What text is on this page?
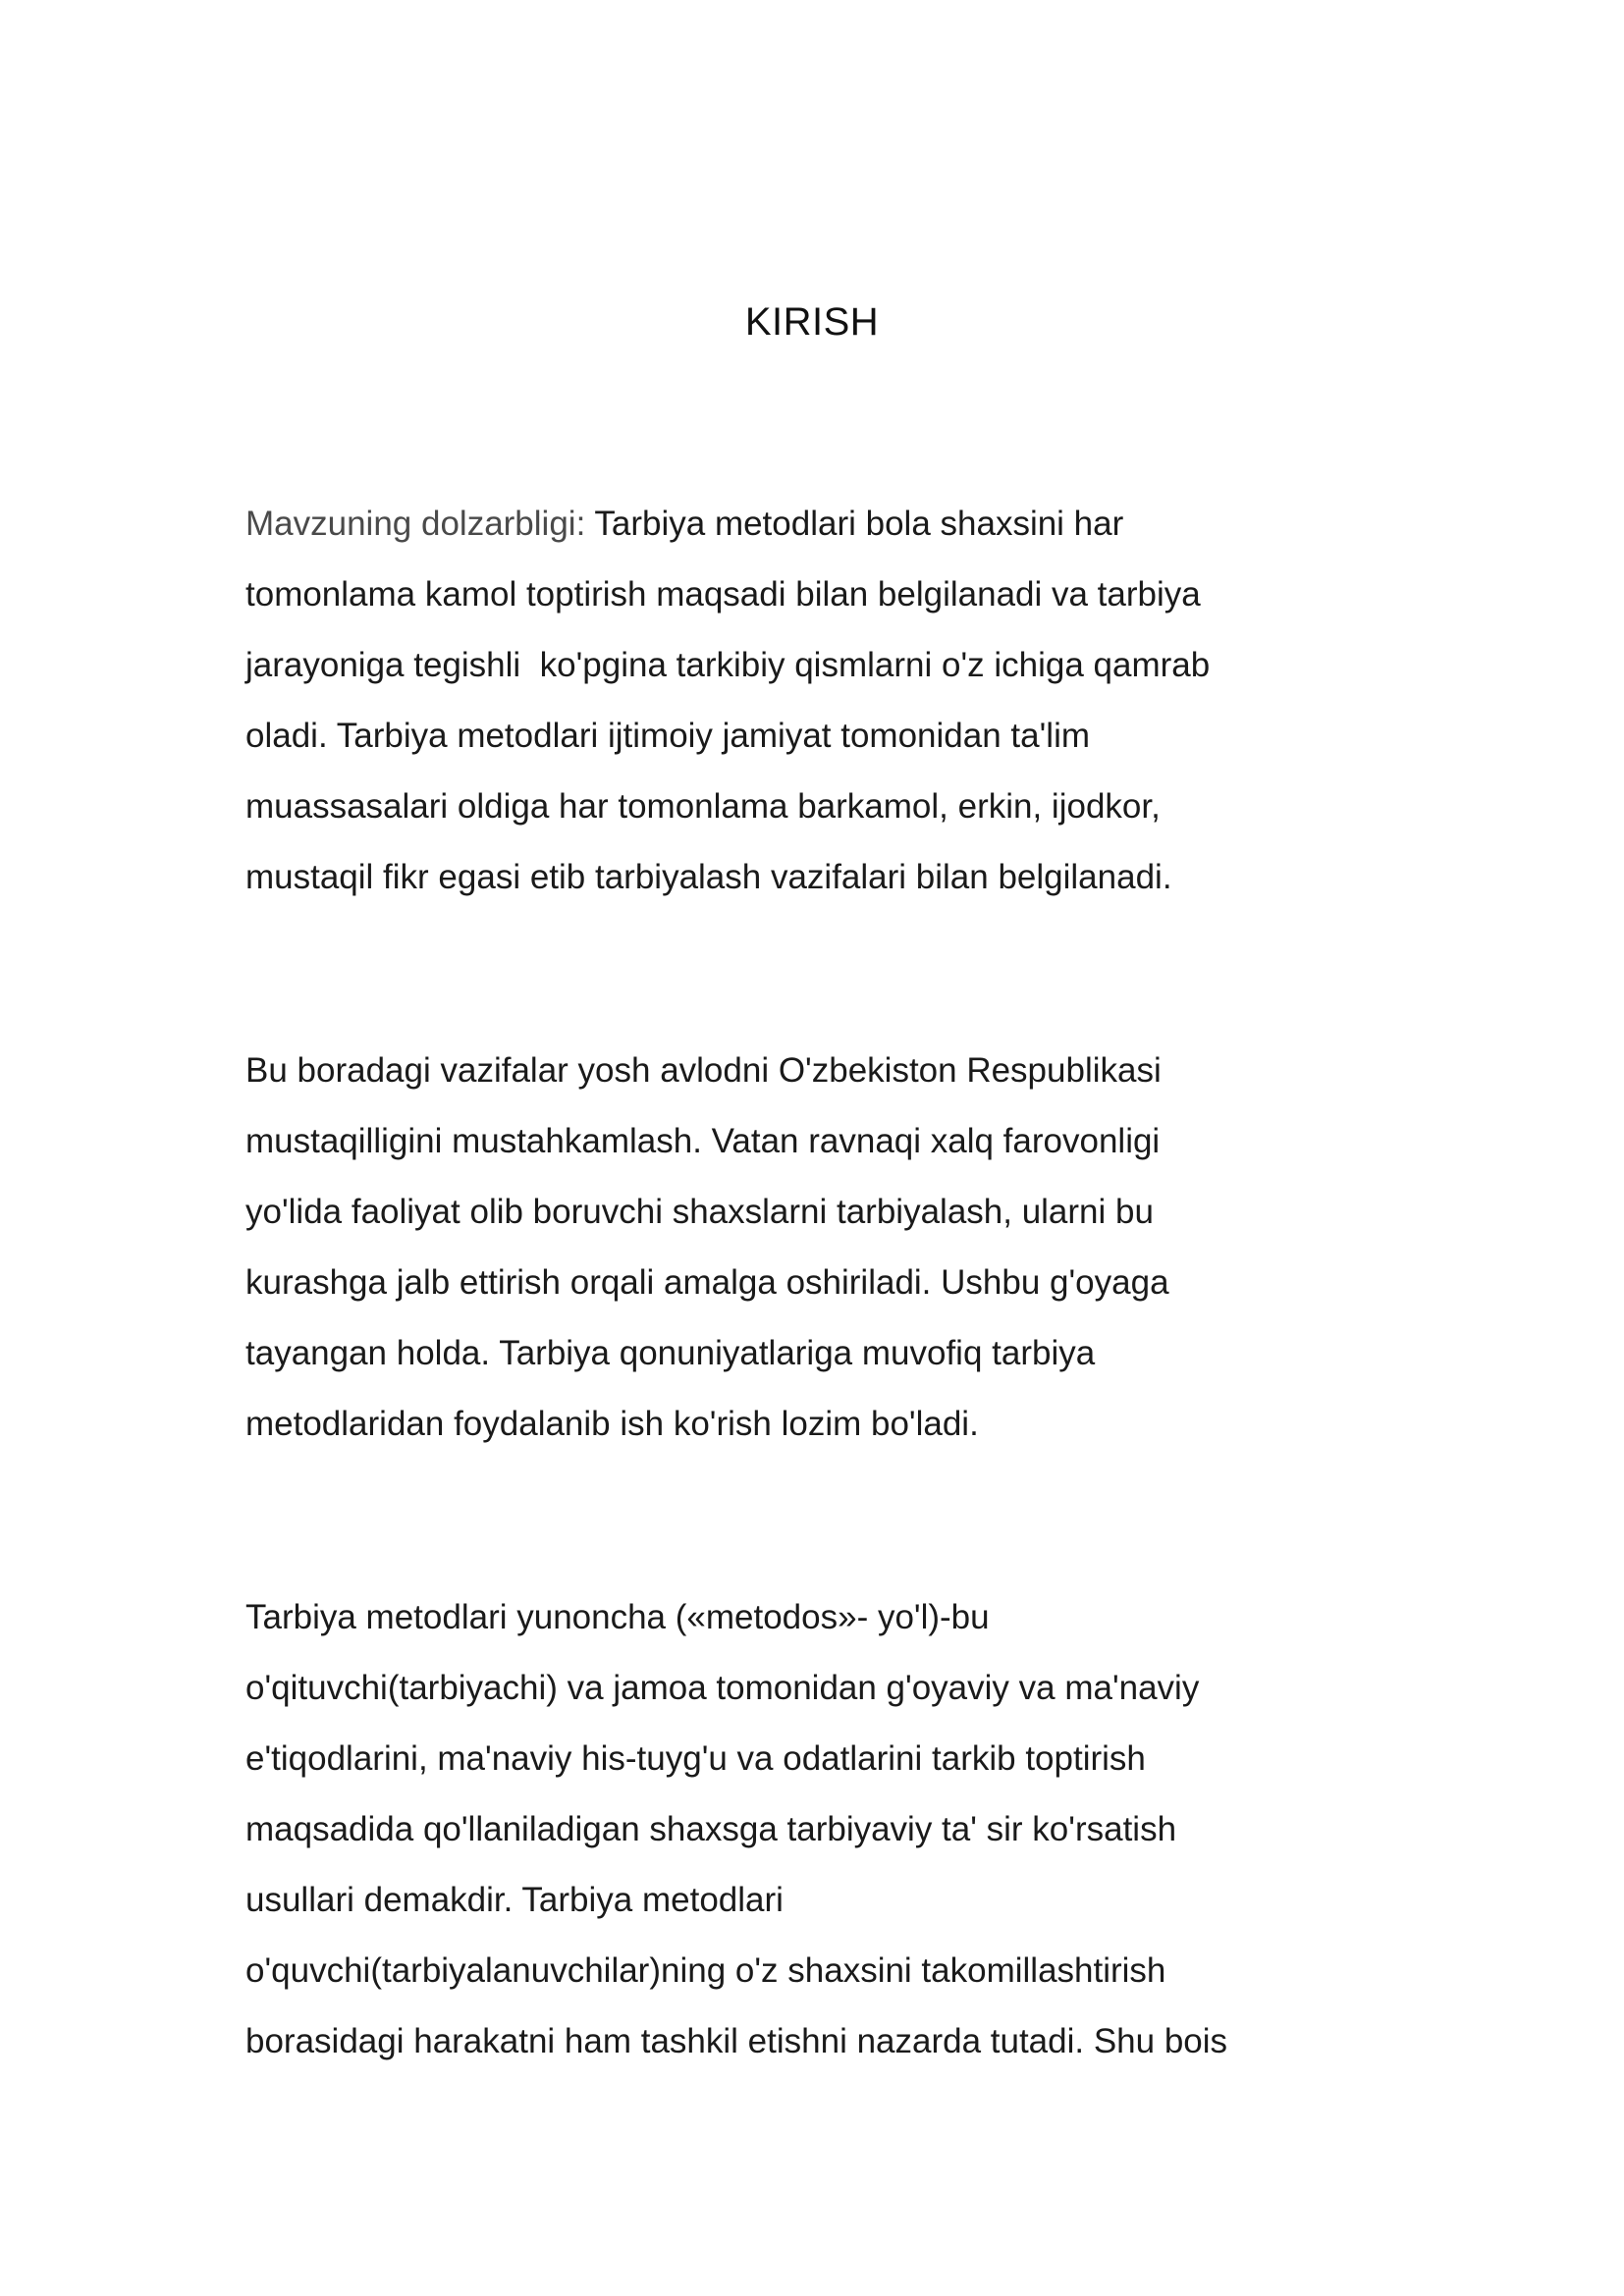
KIRISH
Mavzuning dolzarbligi: Tarbiya metodlari bola shaxsini har
tomonlama kamol toptirish maqsadi bilan belgilanadi va tarbiya
jarayoniga tegishli  ko'pgina tarkibiy qismlarni o'z ichiga qamrab
oladi. Tarbiya metodlari ijtimoiy jamiyat tomonidan ta'lim
muassasalari oldiga har tomonlama barkamol, erkin, ijodkor,
mustaqil fikr egasi etib tarbiyalash vazifalari bilan belgilanadi.
Bu boradagi vazifalar yosh avlodni O'zbekiston Respublikasi
mustaqilligini mustahkamlash. Vatan ravnaqi xalq farovonligi
yo'lida faoliyat olib boruvchi shaxslarni tarbiyalash, ularni bu
kurashga jalb ettirish orqali amalga oshiriladi. Ushbu g'oyaga
tayangan holda. Tarbiya qonuniyatlariga muvofiq tarbiya
metodlaridan foydalanib ish ko'rish lozim bo'ladi.
Tarbiya metodlari yunoncha («metodos»- yo'l)-bu
o'qituvchi(tarbiyachi) va jamoa tomonidan g'oyaviy va ma'naviy
e'tiqodlarini, ma'naviy his-tuyg'u va odatlarini tarkib toptirish
maqsadida qo'llaniladigan shaxsga tarbiyaviy ta' sir ko'rsatish
usullari demakdir. Tarbiya metodlari
o'quvchi(tarbiyalanuvchilar)ning o'z shaxsini takomillashtirish
borasidagi harakatni ham tashkil etishni nazarda tutadi. Shu bois
